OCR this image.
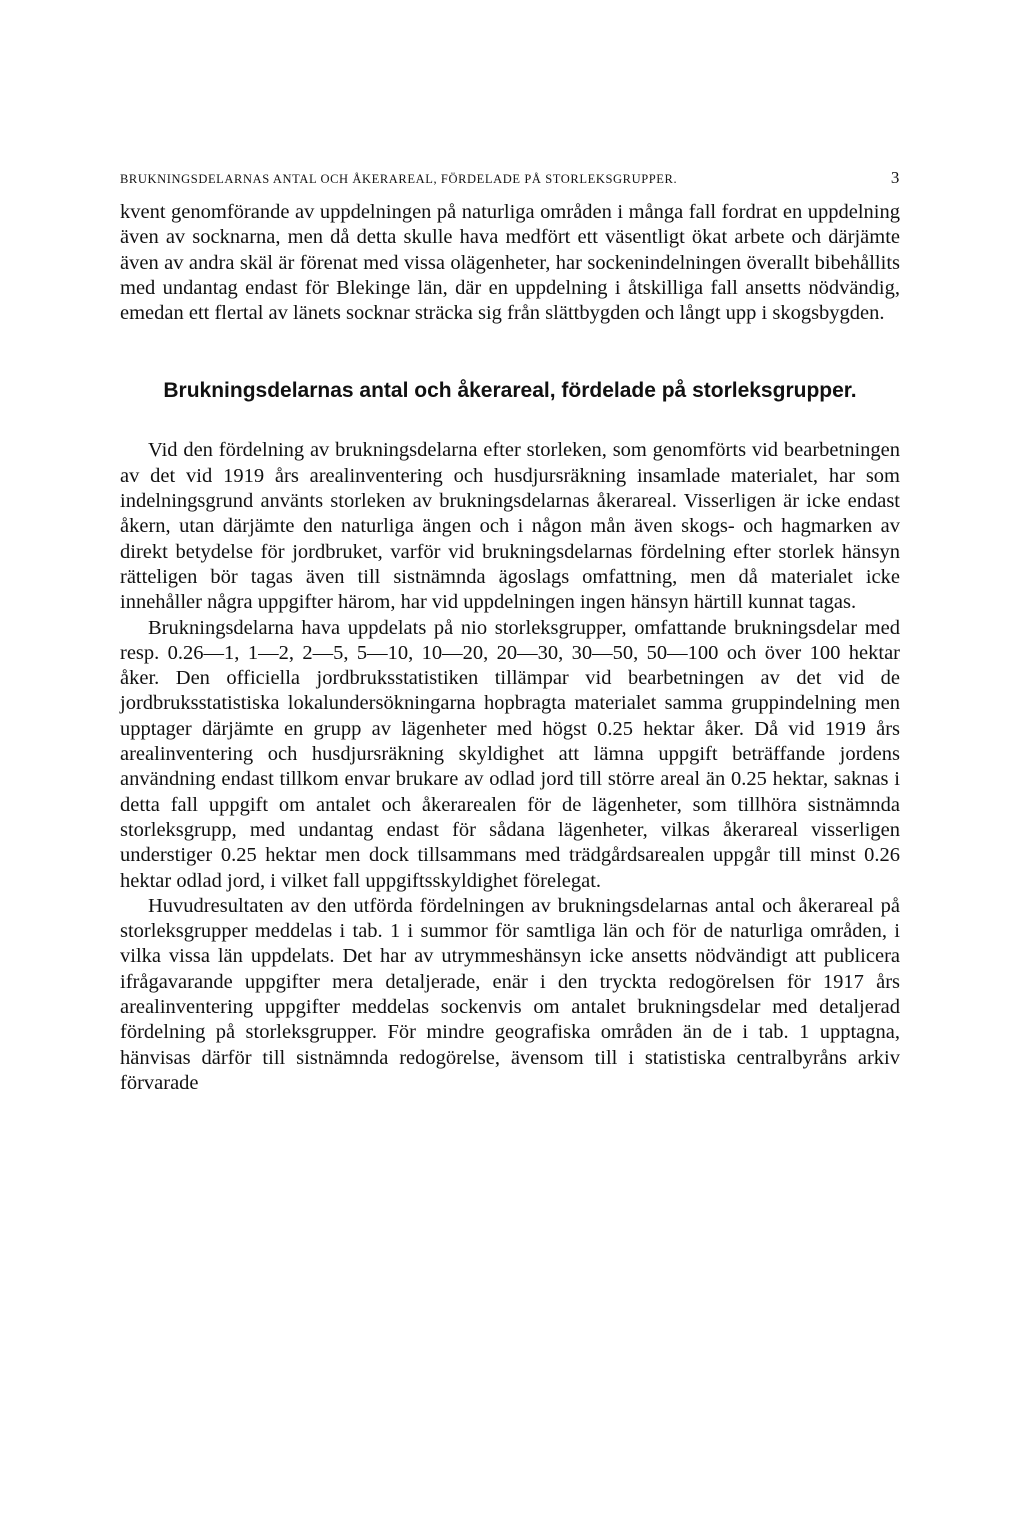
BRUKNINGSDELARNAS ANTAL OCH ÅKERAREAL, FÖRDELADE PÅ STORLEKSGRUPPER.	3

kvent genomförande av uppdelningen på naturliga områden i många fall fordrat en uppdelning även av socknarna, men då detta skulle hava medfört ett väsentligt ökat arbete och därjämte även av andra skäl är förenat med vissa olägenheter, har sockenindelningen överallt bibehållits med undantag endast för Blekinge län, där en uppdelning i åtskilliga fall ansetts nödvändig, emedan ett flertal av länets socknar sträcka sig från slättbygden och långt upp i skogsbygden.

Brukningsdelarnas antal och åkerareal, fördelade på storleksgrupper.

Vid den fördelning av brukningsdelarna efter storleken, som genomförts vid bearbetningen av det vid 1919 års arealinventering och husdjursräkning insamlade materialet, har som indelningsgrund använts storleken av brukningsdelarnas åkerareal. Visserligen är icke endast åkern, utan därjämte den naturliga ängen och i någon mån även skogs- och hagmarken av direkt betydelse för jordbruket, varför vid brukningsdelarnas fördelning efter storlek hänsyn rätteligen bör tagas även till sistnämnda ägoslags omfattning, men då materialet icke innehåller några uppgifter härom, har vid uppdelningen ingen hänsyn härtill kunnat tagas.

Brukningsdelarna hava uppdelats på nio storleksgrupper, omfattande brukningsdelar med resp. 0.26—1, 1—2, 2—5, 5—10, 10—20, 20—30, 30—50, 50—100 och över 100 hektar åker. Den officiella jordbruksstatistiken tillämpar vid bearbetningen av det vid de jordbruksstatistiska lokalundersökningarna hopbragta materialet samma gruppindelning men upptager därjämte en grupp av lägenheter med högst 0.25 hektar åker. Då vid 1919 års arealinventering och husdjursräkning skyldighet att lämna uppgift beträffande jordens användning endast tillkom envar brukare av odlad jord till större areal än 0.25 hektar, saknas i detta fall uppgift om antalet och åkerarealen för de lägenheter, som tillhöra sistnämnda storleksgrupp, med undantag endast för sådana lägenheter, vilkas åkerareal visserligen understiger 0.25 hektar men dock tillsammans med trädgårdsarealen uppgår till minst 0.26 hektar odlad jord, i vilket fall uppgiftsskyldighet förelegat.

Huvudresultaten av den utförda fördelningen av brukningsdelarnas antal och åkerareal på storleksgrupper meddelas i tab. 1 i summor för samtliga län och för de naturliga områden, i vilka vissa län uppdelats. Det har av utrymmeshänsyn icke ansetts nödvändigt att publicera ifrågavarande uppgifter mera detaljerade, enär i den tryckta redogörelsen för 1917 års arealinventering uppgifter meddelas sockenvis om antalet brukningsdelar med detaljerad fördelning på storleksgrupper. För mindre geografiska områden än de i tab. 1 upptagna, hänvisas därför till sistnämnda redogörelse, ävensom till i statistiska centralbyråns arkiv förvarade
